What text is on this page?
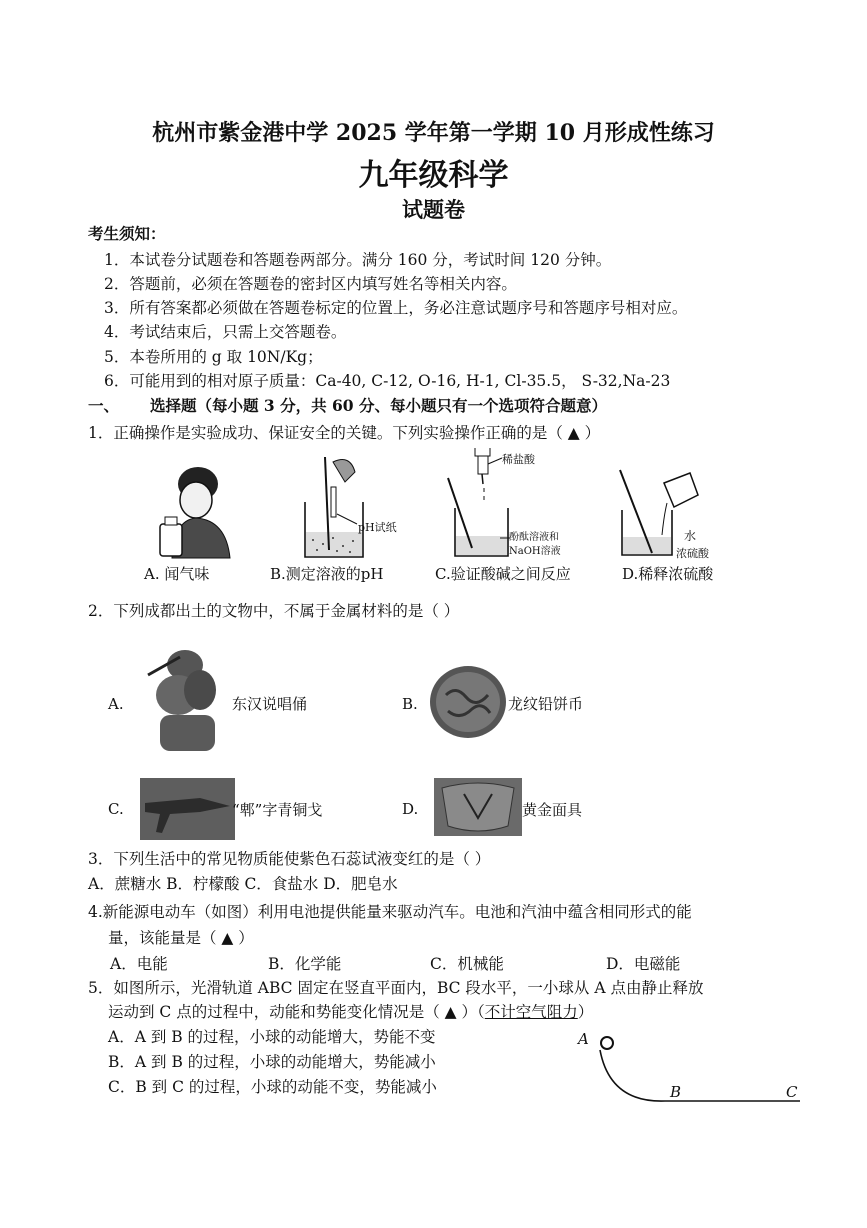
杭州市紫金港中学 2025 学年第一学期 10 月形成性练习
九年级科学
试题卷
考生须知：
1．本试卷分试题卷和答题卷两部分。满分 160 分，考试时间 120 分钟。
2．答题前，必须在答题卷的密封区内填写姓名等相关内容。
3．所有答案都必须做在答题卷标定的位置上，务必注意试题序号和答题序号相对应。
4．考试结束后，只需上交答题卷。
5．本卷所用的 g 取 10N/Kg；
6．可能用到的相对原子质量：Ca-40, C-12, O-16, H-1, Cl-35.5， S-32,Na-23
一、 选择题（每小题 3 分，共 60 分、每小题只有一个选项符合题意）
1．正确操作是实验成功、保证安全的关键。下列实验操作正确的是（ ▲ ）
pH试纸
稀盐酸
酚酞溶液和
NaOH溶液
水
浓硫酸
A. 闻气味	B.测定溶液的pH	C.验证酸碱之间反应	D.稀释浓硫酸
2．下列成都出土的文物中，不属于金属材料的是（ ）
A.	东汉说唱俑	B.	龙纹铅饼币
C.	“郫”字青铜戈	D.	黄金面具
3．下列生活中的常见物质能使紫色石蕊试液变红的是（ ）
A．蔗糖水 B．柠檬酸 C．食盐水 D．肥皂水
4.新能源电动车（如图）利用电池提供能量来驱动汽车。电池和汽油中蕴含相同形式的能
量，该能量是（ ▲ ）
A．电能	B．化学能	C．机械能	D．电磁能
5．如图所示，光滑轨道 ABC 固定在竖直平面内，BC 段水平，一小球从 A 点由静止释放
运动到 C 点的过程中，动能和势能变化情况是（ ▲ ）（不计空气阻力）
A．A 到 B 的过程，小球的动能增大，势能不变
B．A 到 B 的过程，小球的动能增大，势能减小
C．B 到 C 的过程，小球的动能不变，势能减小
A
B	C
